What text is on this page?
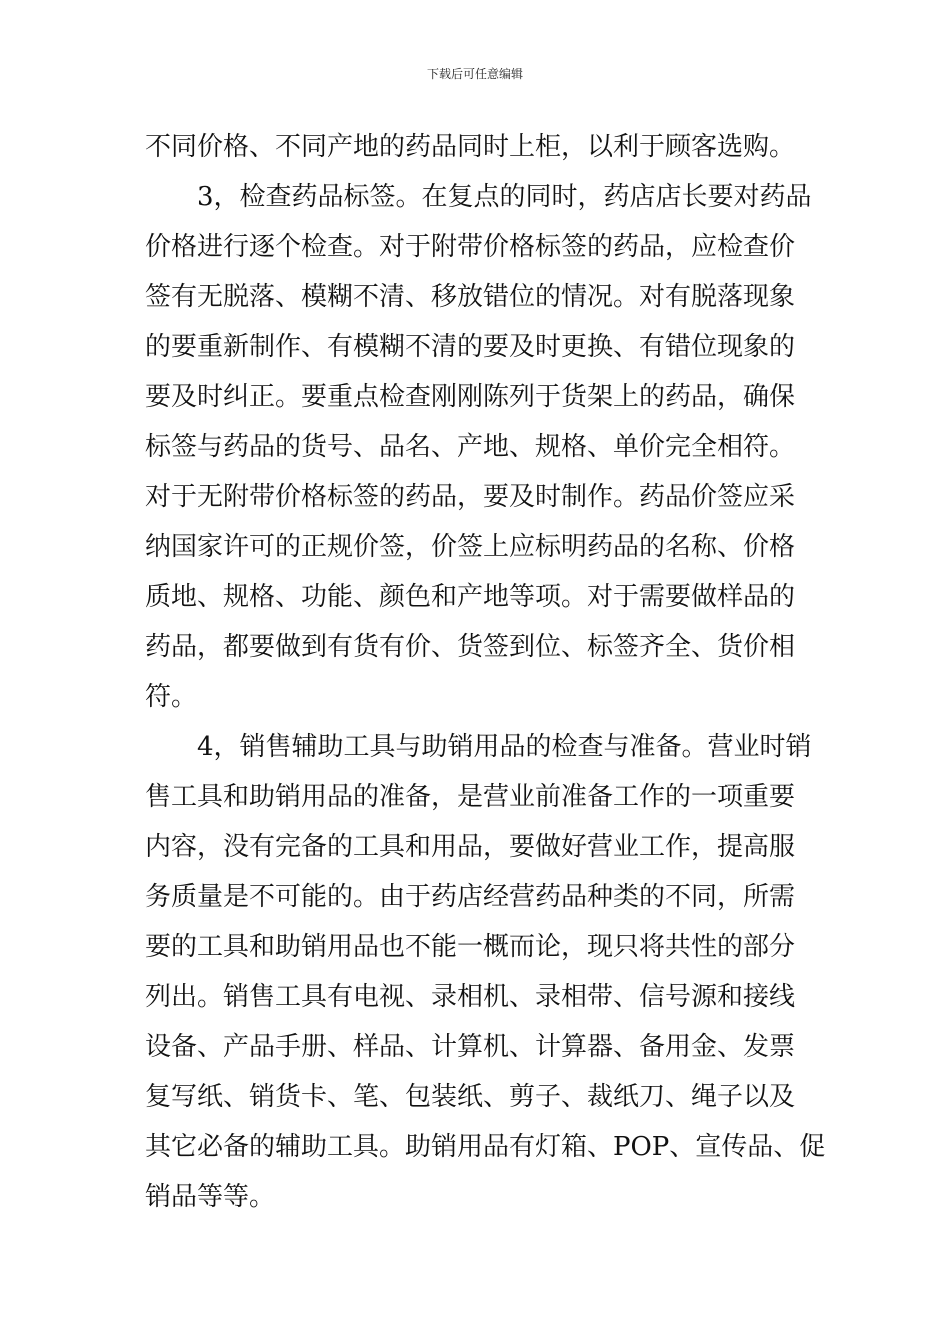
下载后可任意编辑
不同价格、不同产地的药品同时上柜，以利于顾客选购。
　　3，检查药品标签。在复点的同时，药店店长要对药品
价格进行逐个检查。对于附带价格标签的药品，应检查价
签有无脱落、模糊不清、移放错位的情况。对有脱落现象
的要重新制作、有模糊不清的要及时更换、有错位现象的
要及时纠正。要重点检查刚刚陈列于货架上的药品，确保
标签与药品的货号、品名、产地、规格、单价完全相符。
对于无附带价格标签的药品，要及时制作。药品价签应采
纳国家许可的正规价签，价签上应标明药品的名称、价格
质地、规格、功能、颜色和产地等项。对于需要做样品的
药品，都要做到有货有价、货签到位、标签齐全、货价相
符。
　　4，销售辅助工具与助销用品的检查与准备。营业时销
售工具和助销用品的准备，是营业前准备工作的一项重要
内容，没有完备的工具和用品，要做好营业工作，提高服
务质量是不可能的。由于药店经营药品种类的不同，所需
要的工具和助销用品也不能一概而论，现只将共性的部分
列出。销售工具有电视、录相机、录相带、信号源和接线
设备、产品手册、样品、计算机、计算器、备用金、发票
复写纸、销货卡、笔、包装纸、剪子、裁纸刀、绳子以及
其它必备的辅助工具。助销用品有灯箱、POP、宣传品、促
销品等等。
